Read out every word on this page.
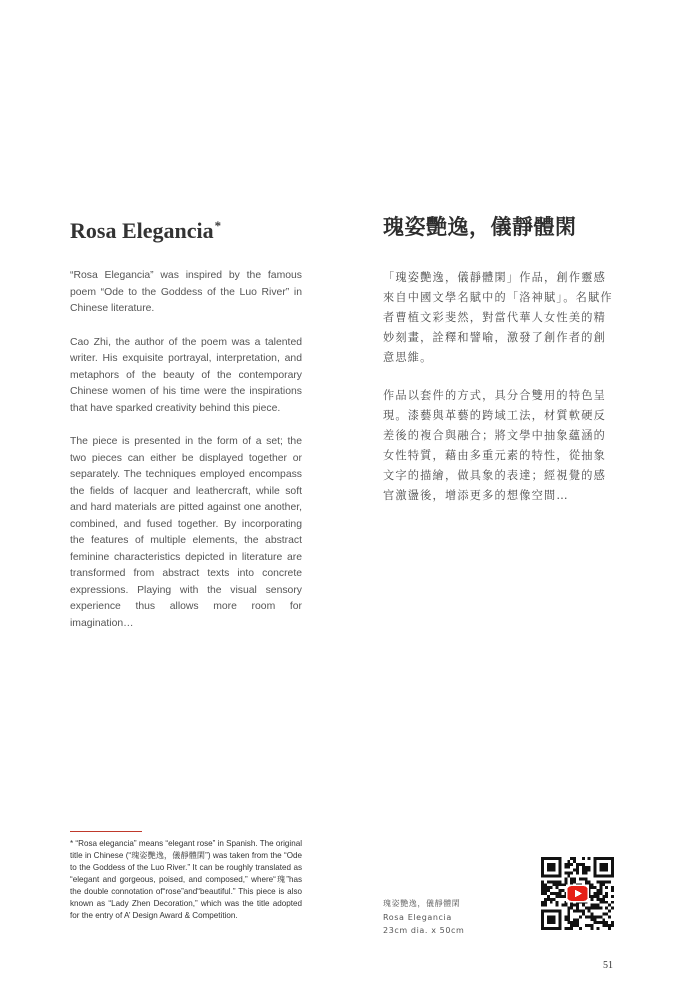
Rosa Elegancia*	瑰姿艷逸，儀靜體閑

“Rosa Elegancia” was inspired by the famous poem “Ode to the Goddess of the Luo River” in Chinese literature.

Cao Zhi, the author of the poem was a talented writer. His exquisite portrayal, interpretation, and metaphors of the beauty of the contemporary Chinese women of his time were the inspirations that have sparked creativity behind this piece.

The piece is presented in the form of a set; the two pieces can either be displayed together or separately. The techniques employed encompass the fields of lacquer and leathercraft, while soft and hard materials are pitted against one another, combined, and fused together. By incorporating the features of multiple elements, the abstract feminine characteristics depicted in literature are transformed from abstract texts into concrete expressions. Playing with the visual sensory experience thus allows more room for imagination…

「瑰姿艷逸，儀靜體閑」作品，創作靈感來自中國文學名賦中的「洛神賦」。名賦作者曹植文彩斐然，對當代華人女性美的精妙刻畫，詮釋和譬喻，激發了創作者的創意思維。

作品以套件的方式，具分合雙用的特色呈現。漆藝與革藝的跨域工法，材質軟硬反差後的複合與融合；將文學中抽象蘊涵的女性特質，藉由多重元素的特性，從抽象文字的描繪，做具象的表達；經視覺的感官激盪後，增添更多的想像空間…

* “Rosa elegancia” means “elegant rose” in Spanish. The original title in Chinese (“瑰姿艷逸，儀靜體閑”) was taken from the “Ode to the Goddess of the Luo River.” It can be roughly translated as “elegant and gorgeous, poised, and composed,” where“瑰”has the double connotation of“rose”and“beautiful.” This piece is also known as “Lady Zhen Decoration,” which was the title adopted for the entry of A’ Design Award & Competition.
瑰姿艷逸，儀靜體閑
Rosa Elegancia
23cm dia. x 50cm
51
